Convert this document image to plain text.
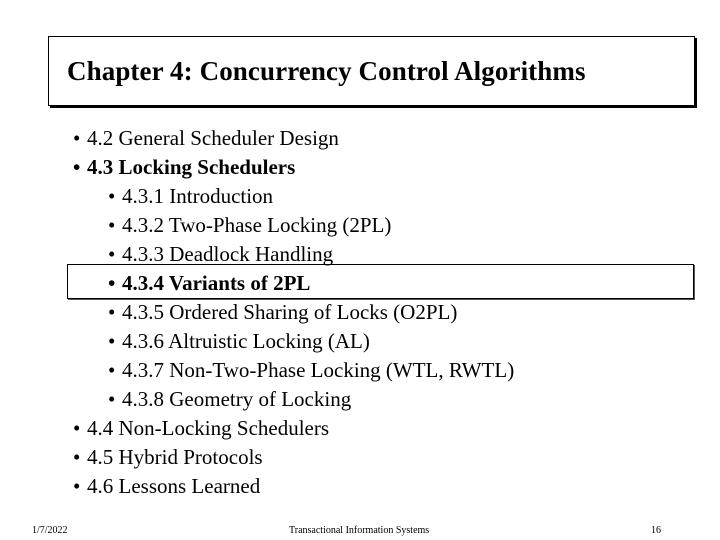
Chapter 4: Concurrency Control Algorithms
• 4.2 General Scheduler Design
• 4.3 Locking Schedulers
• 4.3.1 Introduction
• 4.3.2 Two-Phase Locking (2PL)
• 4.3.3 Deadlock Handling
• 4.3.4 Variants of 2PL
• 4.3.5 Ordered Sharing of Locks (O2PL)
• 4.3.6 Altruistic Locking (AL)
• 4.3.7 Non-Two-Phase Locking (WTL, RWTL)
• 4.3.8 Geometry of Locking
• 4.4 Non-Locking Schedulers
• 4.5 Hybrid Protocols
• 4.6 Lessons Learned
1/7/2022	Transactional Information Systems	16
